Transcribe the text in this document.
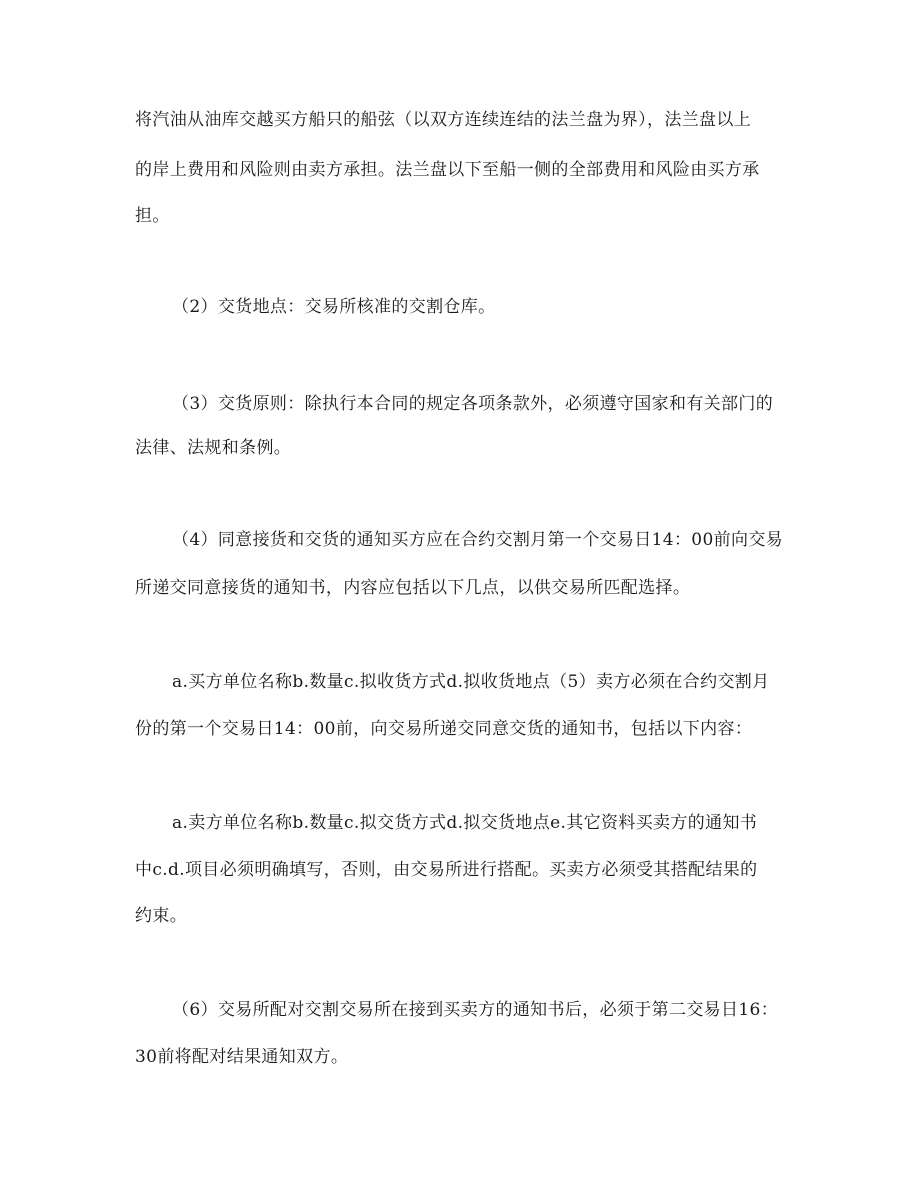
将汽油从油库交越买方船只的船弦（以双方连续连结的法兰盘为界），法兰盘以上

的岸上费用和风险则由卖方承担。法兰盘以下至船一侧的全部费用和风险由买方承

担。

（2）交货地点：交易所核准的交割仓库。

（3）交货原则：除执行本合同的规定各项条款外，必须遵守国家和有关部门的

法律、法规和条例。

（4）同意接货和交货的通知买方应在合约交割月第一个交易日14：00前向交易

所递交同意接货的通知书，内容应包括以下几点，以供交易所匹配选择。

a.买方单位名称b.数量c.拟收货方式d.拟收货地点（5）卖方必须在合约交割月

份的第一个交易日14：00前，向交易所递交同意交货的通知书，包括以下内容：

a.卖方单位名称b.数量c.拟交货方式d.拟交货地点e.其它资料买卖方的通知书

中c.d.项目必须明确填写，否则，由交易所进行搭配。买卖方必须受其搭配结果的

约束。

（6）交易所配对交割交易所在接到买卖方的通知书后，必须于第二交易日16：

30前将配对结果通知双方。
